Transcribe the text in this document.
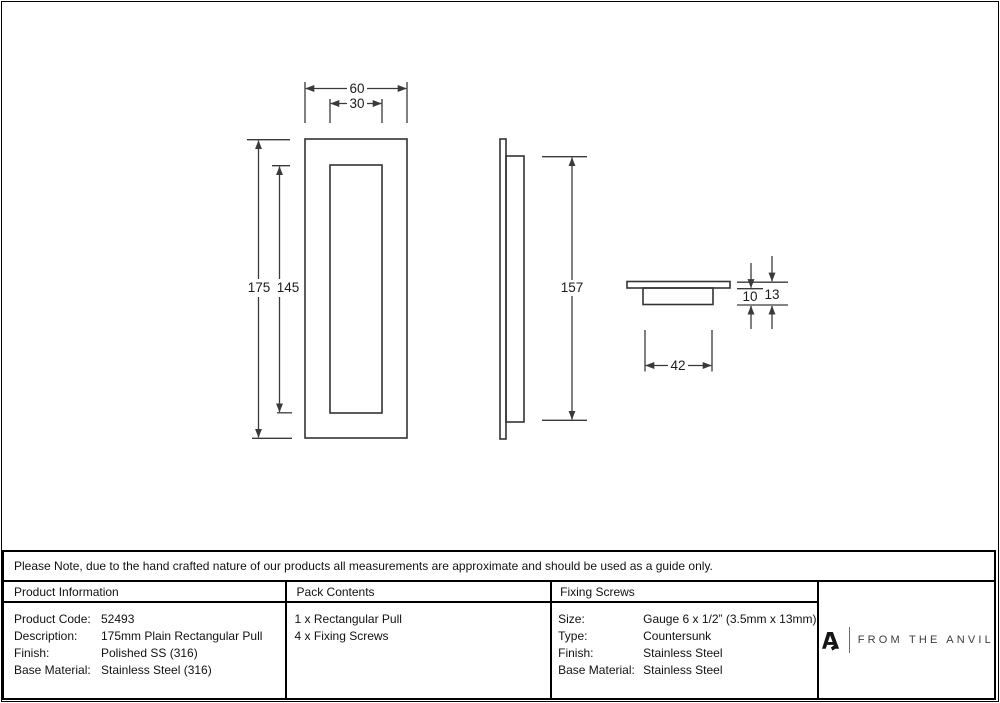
60
30
175 145	157
10 13
42
Please Note, due to the hand crafted nature of our products all measurements are approximate and should be used as a guide only.
Product Information
Product Code: 52493
Description:	175mm Plain Rectangular Pull
Finish:	Polished SS (316)
Base Material: Stainless Steel (316)
Pack Contents
1 x Rectangular Pull
4 x Fixing Screws
Fixing Screws
Size:	Gauge 6 x 1/2” (3.5mm x 13mm)
Type:	Countersunk
Finish:	Stainless Steel
Base Material: Stainless Steel
FROM THE ANVIL
